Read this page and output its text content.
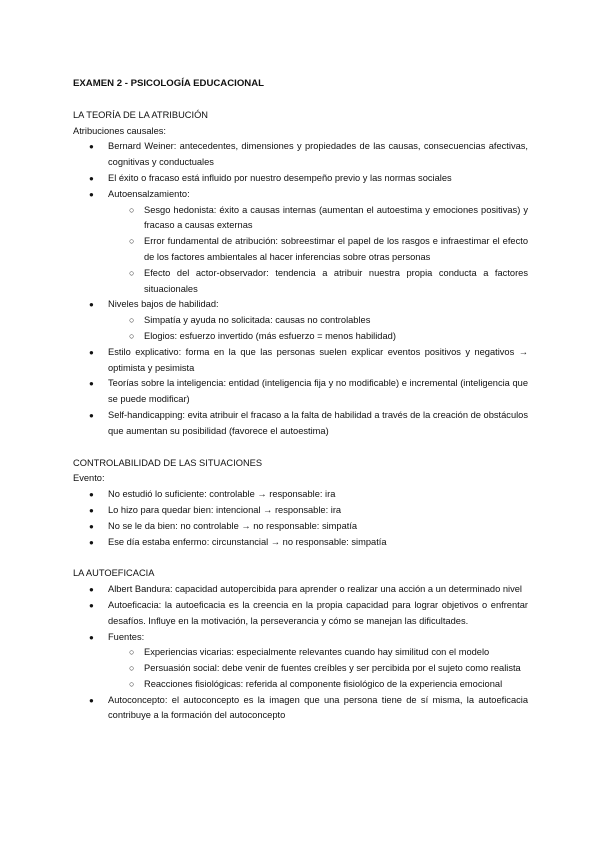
EXAMEN 2 - PSICOLOGÍA EDUCACIONAL
LA TEORÍA DE LA ATRIBUCIÓN
Atribuciones causales:
● Bernard Weiner: antecedentes, dimensiones y propiedades de las causas, consecuencias afectivas, cognitivas y conductuales
● El éxito o fracaso está influido por nuestro desempeño previo y las normas sociales
● Autoensalzamiento:
○ Sesgo hedonista: éxito a causas internas (aumentan el autoestima y emociones positivas) y fracaso a causas externas
○ Error fundamental de atribución: sobreestimar el papel de los rasgos e infraestimar el efecto de los factores ambientales al hacer inferencias sobre otras personas
○ Efecto del actor-observador: tendencia a atribuir nuestra propia conducta a factores situacionales
● Niveles bajos de habilidad:
○ Simpatía y ayuda no solicitada: causas no controlables
○ Elogios: esfuerzo invertido (más esfuerzo = menos habilidad)
● Estilo explicativo: forma en la que las personas suelen explicar eventos positivos y negativos → optimista y pesimista
● Teorías sobre la inteligencia: entidad (inteligencia fija y no modificable) e incremental (inteligencia que se puede modificar)
● Self-handicapping: evita atribuir el fracaso a la falta de habilidad a través de la creación de obstáculos que aumentan su posibilidad (favorece el autoestima)
CONTROLABILIDAD DE LAS SITUACIONES
Evento:
● No estudió lo suficiente: controlable → responsable: ira
● Lo hizo para quedar bien: intencional → responsable: ira
● No se le da bien: no controlable → no responsable: simpatía
● Ese día estaba enfermo: circunstancial → no responsable: simpatía
LA AUTOEFICACIA
● Albert Bandura: capacidad autopercibida para aprender o realizar una acción a un determinado nivel
● Autoeficacia: la autoeficacia es la creencia en la propia capacidad para lograr objetivos o enfrentar desafíos. Influye en la motivación, la perseverancia y cómo se manejan las dificultades.
● Fuentes:
○ Experiencias vicarias: especialmente relevantes cuando hay similitud con el modelo
○ Persuasión social: debe venir de fuentes creíbles y ser percibida por el sujeto como realista
○ Reacciones fisiológicas: referida al componente fisiológico de la experiencia emocional
● Autoconcepto: el autoconcepto es la imagen que una persona tiene de sí misma, la autoeficacia contribuye a la formación del autoconcepto
